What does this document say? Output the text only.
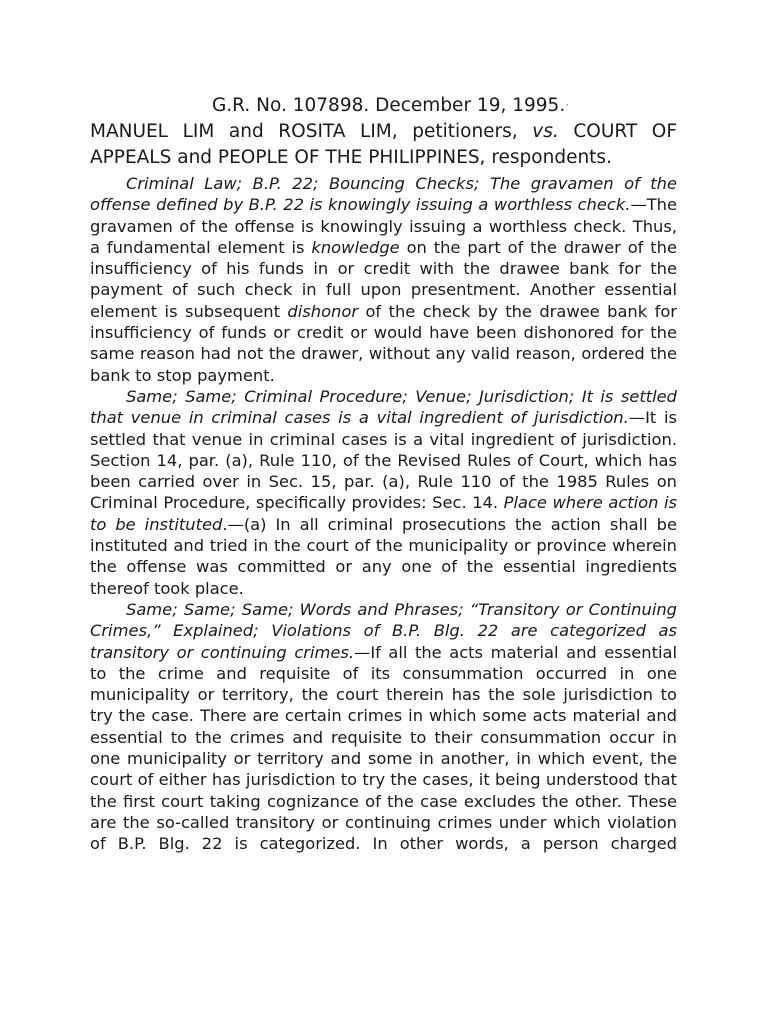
G.R. No. 107898. December 19, 1995.·

MANUEL LIM and ROSITA LIM, petitioners, vs. COURT OF

APPEALS and PEOPLE OF THE PHILIPPINES, respondents.

Criminal Law; B.P. 22; Bouncing Checks; The gravamen of the offense defined by B.P. 22 is knowingly issuing a worthless check.—The gravamen of the offense is knowingly issuing a worthless check. Thus, a fundamental element is knowledge on the part of the drawer of the insufficiency of his funds in or credit with the drawee bank for the payment of such check in full upon presentment. Another essential element is subsequent dishonor of the check by the drawee bank for insufficiency of funds or credit or would have been dishonored for the same reason had not the drawer, without any valid reason, ordered the bank to stop payment.

Same; Same; Criminal Procedure; Venue; Jurisdiction; It is settled that venue in criminal cases is a vital ingredient of jurisdiction.—It is settled that venue in criminal cases is a vital ingredient of jurisdiction. Section 14, par. (a), Rule 110, of the Revised Rules of Court, which has been carried over in Sec. 15, par. (a), Rule 110 of the 1985 Rules on Criminal Procedure, specifically provides: Sec. 14. Place where action is to be instituted.—(a) In all criminal prosecutions the action shall be instituted and tried in the court of the municipality or province wherein the offense was committed or any one of the essential ingredients thereof took place.

Same; Same; Same; Words and Phrases; “Transitory or Continuing Crimes,” Explained; Violations of B.P. Blg. 22 are categorized as transitory or continuing crimes.—If all the acts material and essential to the crime and requisite of its consummation occurred in one municipality or territory, the court therein has the sole jurisdiction to try the case. There are certain crimes in which some acts material and essential to the crimes and requisite to their consummation occur in one municipality or territory and some in another, in which event, the court of either has jurisdiction to try the cases, it being understood that the first court taking cognizance of the case excludes the other. These are the so-called transitory or continuing crimes under which violation of B.P. Blg. 22 is categorized. In other words, a person charged
